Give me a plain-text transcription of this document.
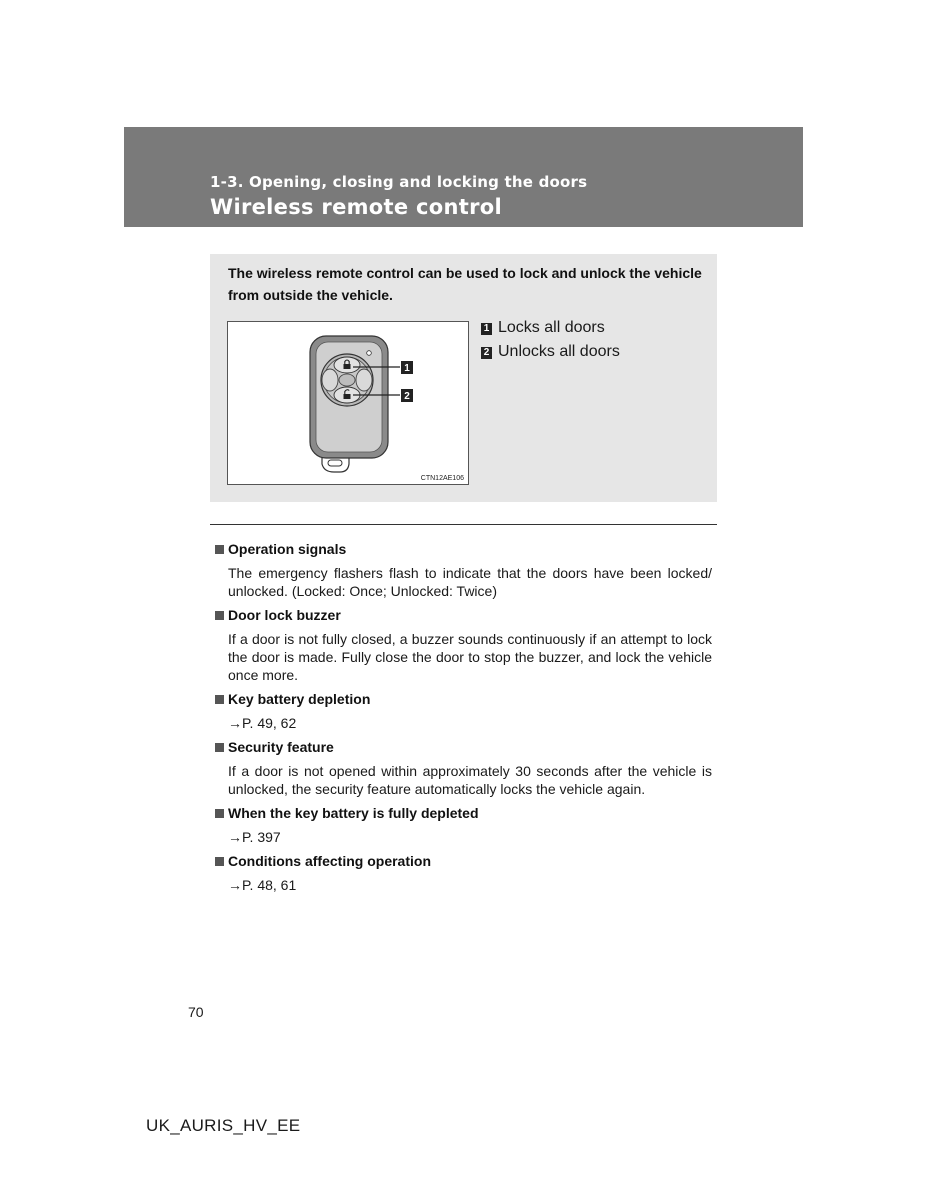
1-3. Opening, closing and locking the doors
Wireless remote control
The wireless remote control can be used to lock and unlock the vehicle from outside the vehicle.
1
2
CTN12AE106
1 Locks all doors
2 Unlocks all doors
Operation signals
The emergency flashers flash to indicate that the doors have been locked/ unlocked. (Locked: Once; Unlocked: Twice)
Door lock buzzer
If a door is not fully closed, a buzzer sounds continuously if an attempt to lock the door is made. Fully close the door to stop the buzzer, and lock the vehicle once more.
Key battery depletion
→P. 49, 62
Security feature
If a door is not opened within approximately 30 seconds after the vehicle is unlocked, the security feature automatically locks the vehicle again.
When the key battery is fully depleted
→P. 397
Conditions affecting operation
→P. 48, 61
70
UK_AURIS_HV_EE
